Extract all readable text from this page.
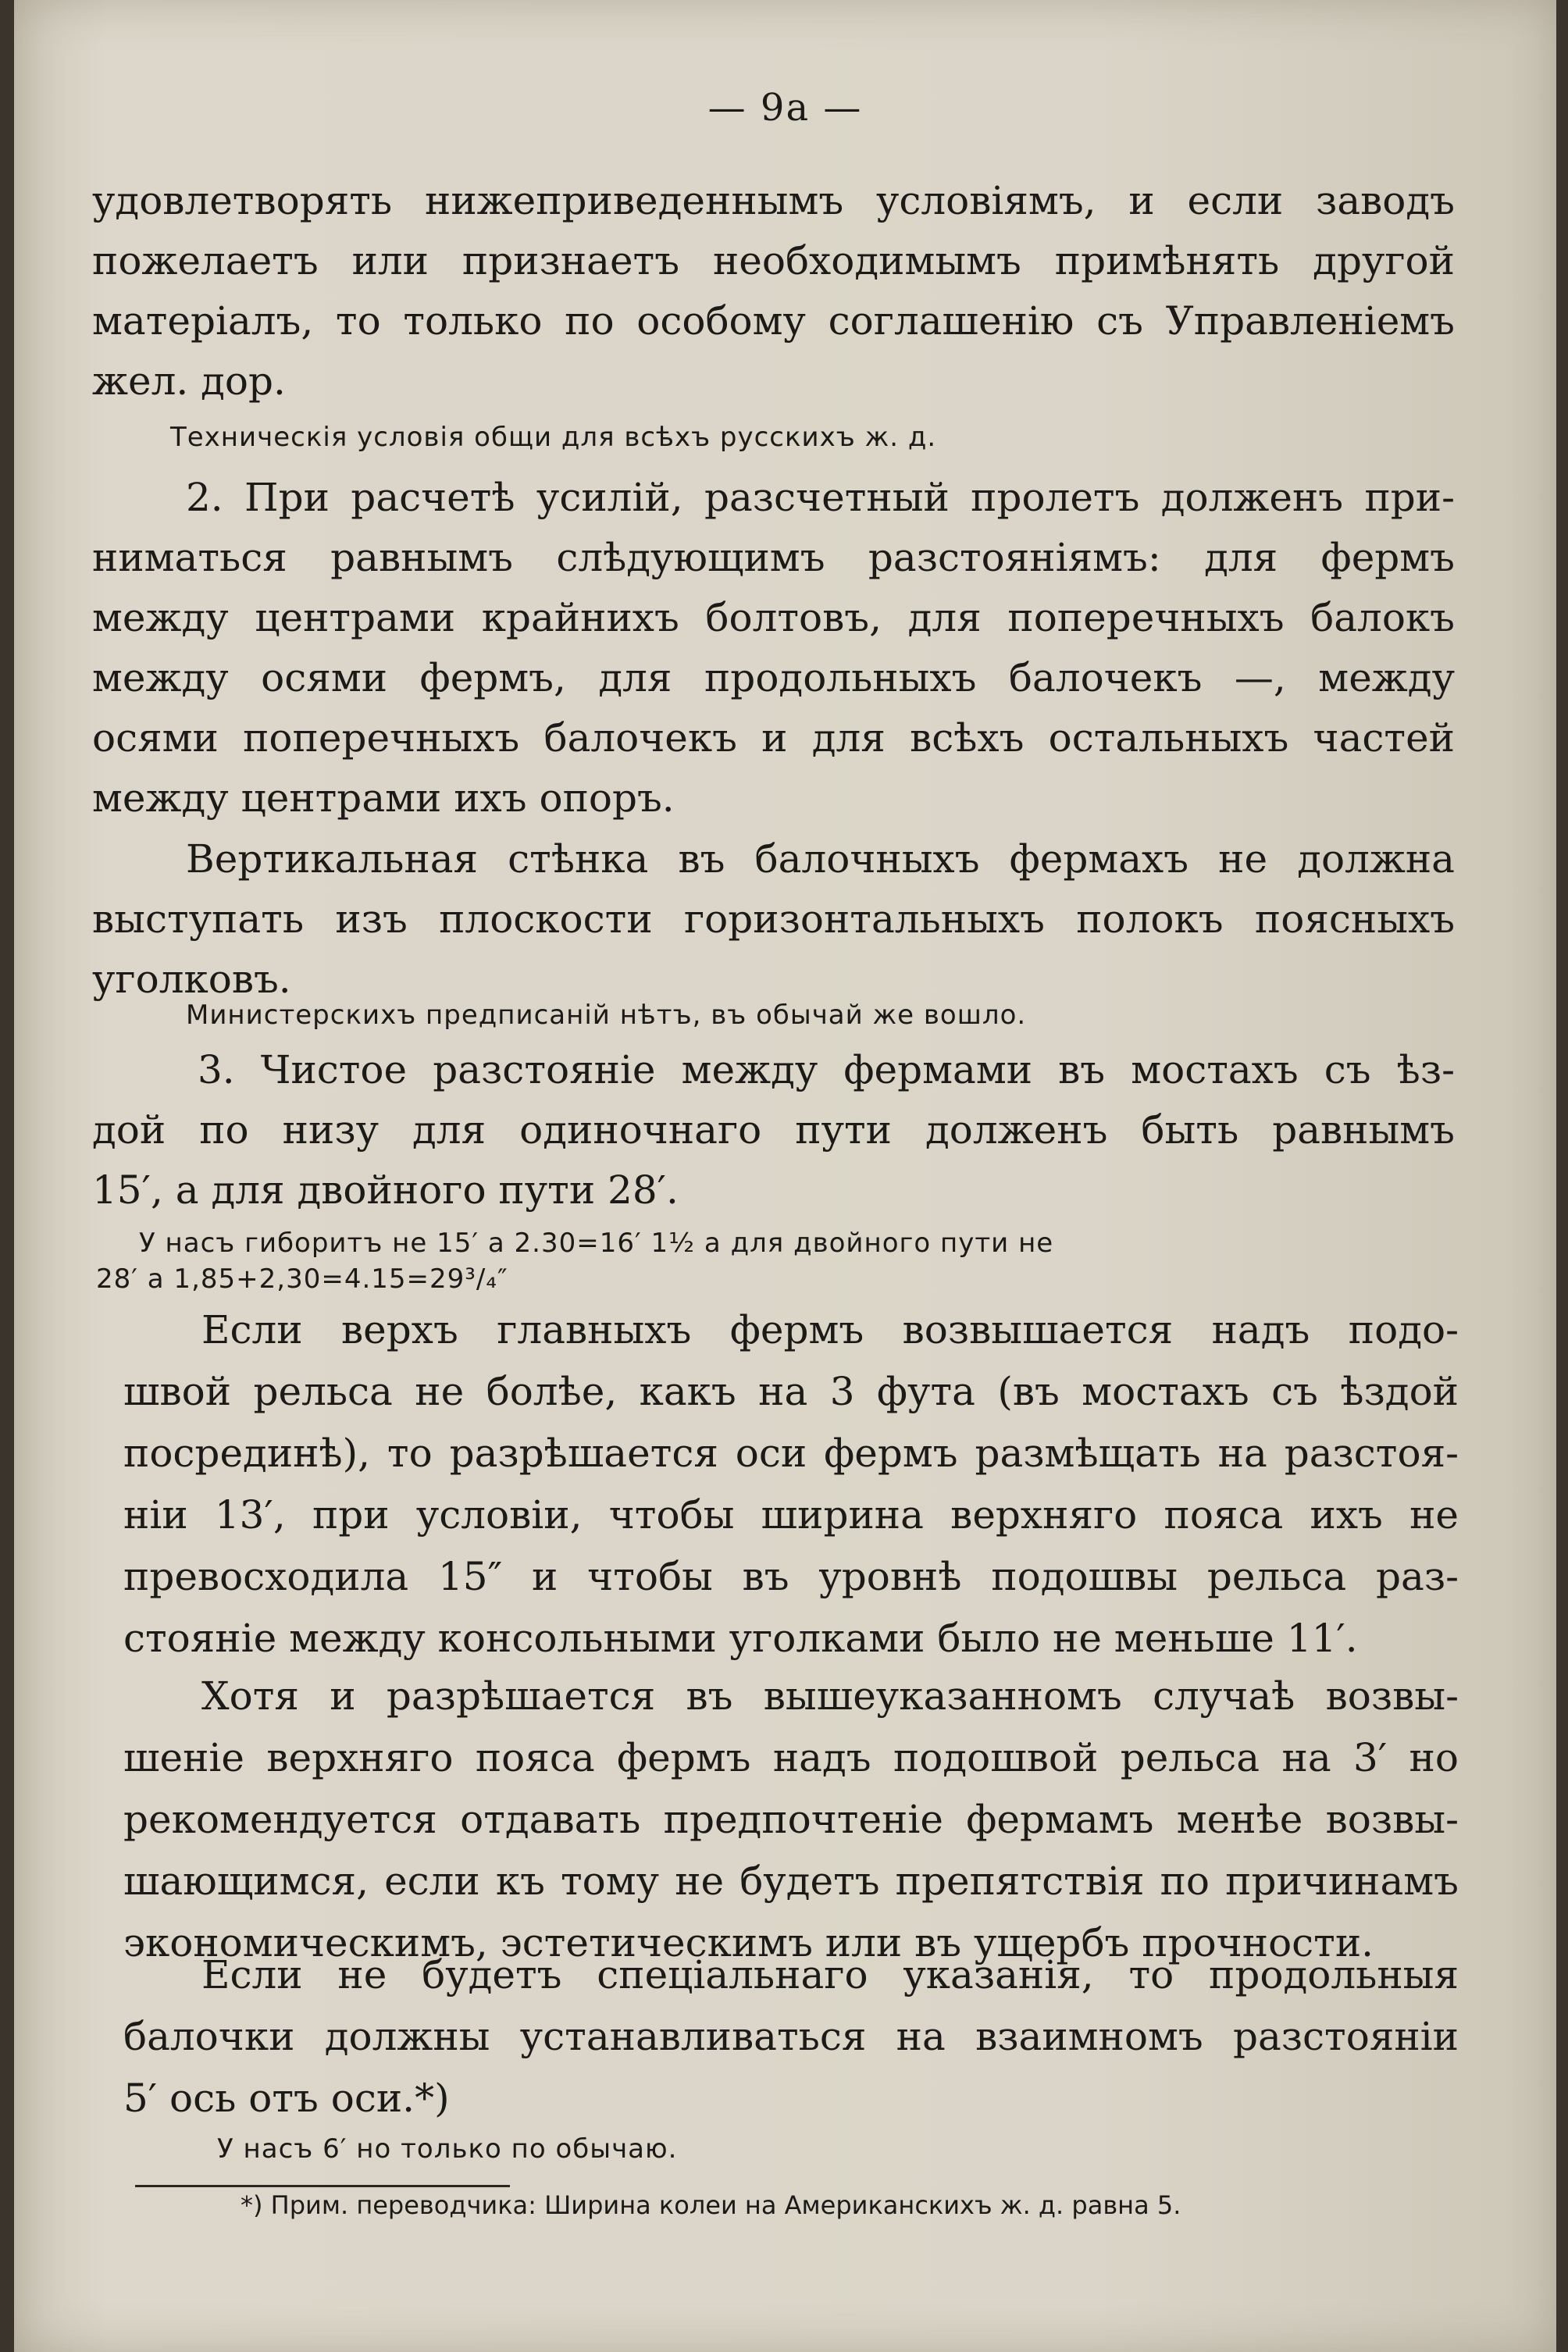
— 9а —
удовлетворять нижеприведеннымъ условіямъ, и если заводъ
пожелаетъ или признаетъ необходимымъ примѣнять другой
матеріалъ, то только по особому соглашенію съ Управленіемъ
жел. дор.
Техническія условія общи для всѣхъ русскихъ ж. д.
2. При расчетѣ усилій, разсчетный пролетъ долженъ при-
ниматься равнымъ слѣдующимъ разстояніямъ: для фермъ
между центрами крайнихъ болтовъ, для поперечныхъ балокъ
между осями фермъ, для продольныхъ балочекъ —, между
осями поперечныхъ балочекъ и для всѣхъ остальныхъ частей
между центрами ихъ опоръ.
Вертикальная стѣнка въ балочныхъ фермахъ не должна
выступать изъ плоскости горизонтальныхъ полокъ поясныхъ
уголковъ.
Министерскихъ предписаній нѣтъ, въ обычай же вошло.
3. Чистое разстояніе между фермами въ мостахъ съ ѣз-
дой по низу для одиночнаго пути долженъ быть равнымъ
15′, а для двойного пути 28′.
У насъ гиборитъ не 15′ а 2.30=16′ 1½ а для двойного пути не
28′ а 1,85+2,30=4.15=29³/₄″
Если верхъ главныхъ фермъ возвышается надъ подо-
швой рельса не болѣе, какъ на 3 фута (въ мостахъ съ ѣздой
посрединѣ), то разрѣшается оси фермъ размѣщать на разстоя-
ніи 13′, при условіи, чтобы ширина верхняго пояса ихъ не
превосходила 15″ и чтобы въ уровнѣ подошвы рельса раз-
стояніе между консольными уголками было не меньше 11′.
Хотя и разрѣшается въ вышеуказанномъ случаѣ возвы-
шеніе верхняго пояса фермъ надъ подошвой рельса на 3′ но
рекомендуется отдавать предпочтеніе фермамъ менѣе возвы-
шающимся, если къ тому не будетъ препятствія по причинамъ
экономическимъ, эстетическимъ или въ ущербъ прочности.
Если не будетъ спеціальнаго указанія, то продольныя
балочки должны устанавливаться на взаимномъ разстояніи
5′ ось отъ оси.*)
У насъ 6′ но только по обычаю.
*) Прим. переводчика: Ширина колеи на Американскихъ ж. д. равна 5.
